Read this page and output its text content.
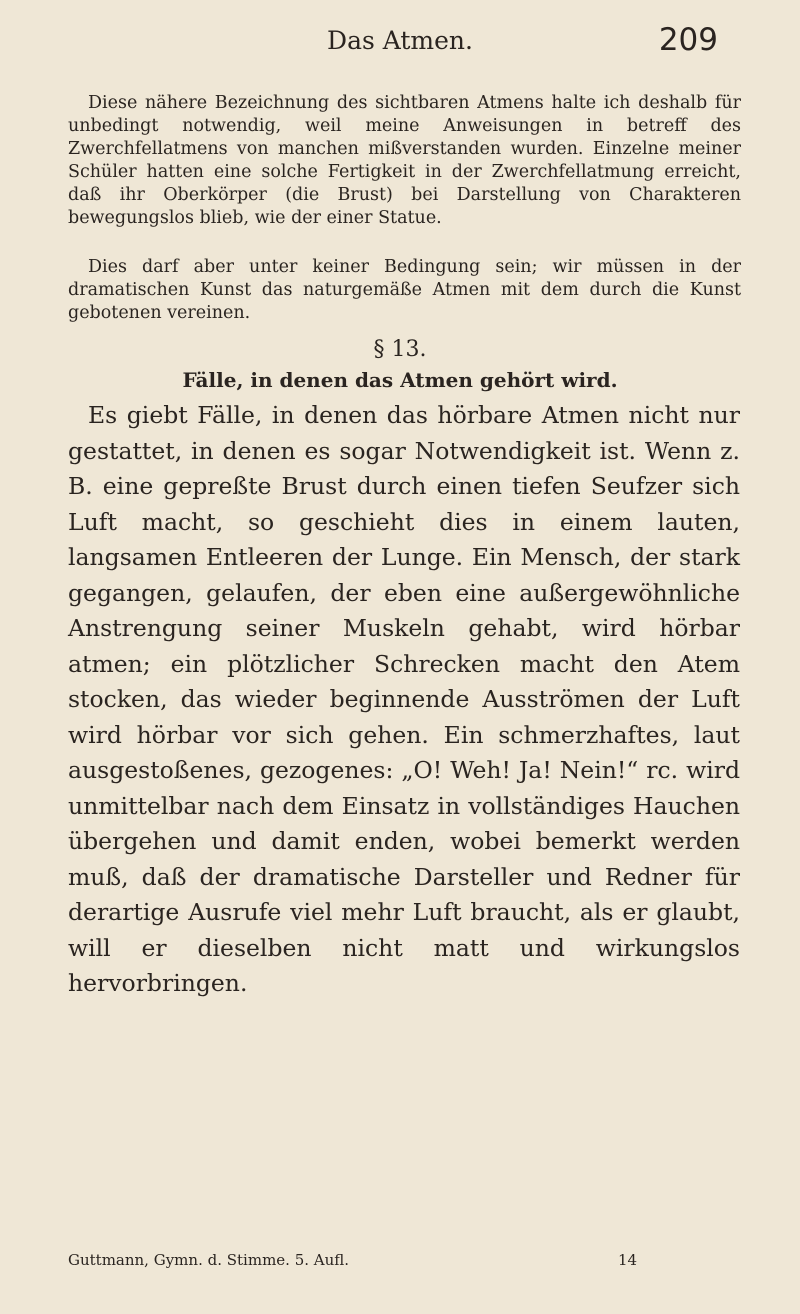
Das Atmen.	209

Diese nähere Bezeichnung des sichtbaren Atmens halte ich deshalb für unbedingt notwendig, weil meine Anweisungen in betreff des Zwerchfellatmens von manchen mißverstanden wurden. Einzelne meiner Schüler hatten eine solche Fertigkeit in der Zwerchfellatmung erreicht, daß ihr Oberkörper (die Brust) bei Darstellung von Charakteren bewegungslos blieb, wie der einer Statue.

Dies darf aber unter keiner Bedingung sein; wir müssen in der dramatischen Kunst das naturgemäße Atmen mit dem durch die Kunst gebotenen vereinen.

§ 13.
Fälle, in denen das Atmen gehört wird.

Es giebt Fälle, in denen das hörbare Atmen nicht nur gestattet, in denen es sogar Notwendigkeit ist. Wenn z. B. eine gepreßte Brust durch einen tiefen Seufzer sich Luft macht, so geschieht dies in einem lauten, langsamen Entleeren der Lunge. Ein Mensch, der stark gegangen, gelaufen, der eben eine außergewöhnliche Anstrengung seiner Muskeln gehabt, wird hörbar atmen; ein plötzlicher Schrecken macht den Atem stocken, das wieder beginnende Ausströmen der Luft wird hörbar vor sich gehen. Ein schmerzhaftes, laut ausgestoßenes, gezogenes: „O! Weh! Ja! Nein!“ rc. wird unmittelbar nach dem Einsatz in vollständiges Hauchen übergehen und damit enden, wobei bemerkt werden muß, daß der dramatische Darsteller und Redner für derartige Ausrufe viel mehr Luft braucht, als er glaubt, will er dieselben nicht matt und wirkungslos hervorbringen.

Guttmann, Gymn. d. Stimme. 5. Aufl.	14
